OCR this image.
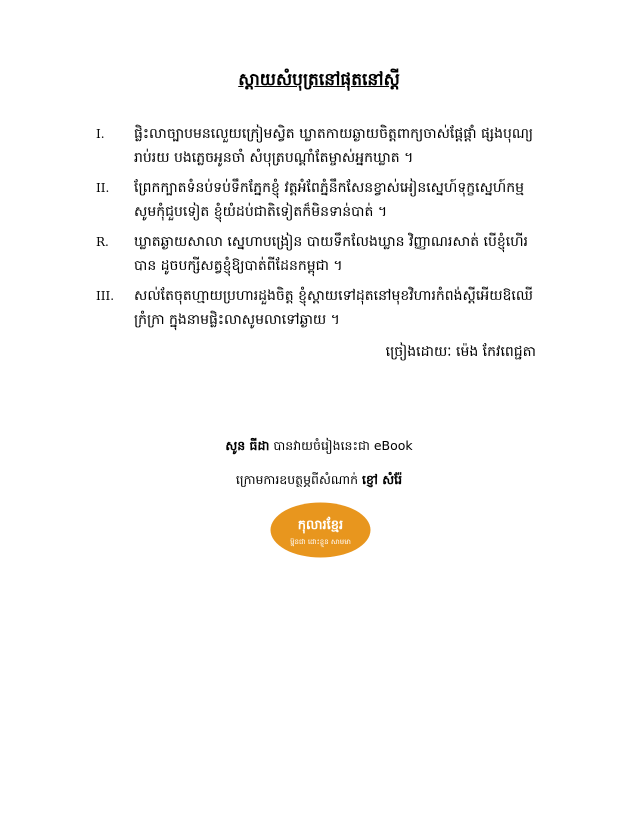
ស្តាយសំបុត្រនៅផុតនៅស្តី
I.	ផ្លិះលាច្បាបមនលេួយក្រៀមស្វិត ឃ្លាតកាយឆ្ងាយចិត្តពាក្យចាស់ផ្តែផ្តាំ ផ្សងបុណ្យ
រាប់រយ បងភ្លេចអូនចាំ សំបុត្រប​ណ្តាំតែម្ចាស់អ្នកឃ្លាត ។
II.	ព្រែកក្បាតទំនប់ទប់ទឹកភ្នែកខ្ញុំ វត្តអំពែភ្នំនឹកសែនខ្វាស់អៀនស្នេហ៍ទុក្ខស្នេហ៍កម្ម
សូមកុំជួបទៀត ខ្ញុំយំដប់ជាតិទៀតក៏មិនទាន់បាត់ ។
R.	ឃ្លាតឆ្ងាយសាលា ស្នេហាបង្រៀន បាយទឹកលែងឃ្លាន វិញ្ញាណរសាត់ បើខ្ញុំហើរ
បាន ដូចបក្សីសត្វខ្ញុំឱ្យបាត់ពីដែនកម្ពុជា ។
III.	សល់តែចុតហ្មាយប្រហារដួងចិត្ត ខ្ញុំស្តាយទៅដុតនៅមុខវិហារកំពង់ស្តីអើយឱឈើ
ក្រំក្រា ក្នុងនាមផ្លិះលាសូមលាទៅឆ្ងាយ ។
ច្រៀងដោយៈ ម៉េង កែវពេជ្ជតា
សូន ធីដា បានវាយចំរៀងនេះជា eBook
ក្រោមការឧបត្ថម្ភពីសំណាក់ ខ្ញៅ សំរ៉ែ
កុលារខ្មែរ
ម្ហ៊ុនជា ដោះខ្លួន សាមមា
